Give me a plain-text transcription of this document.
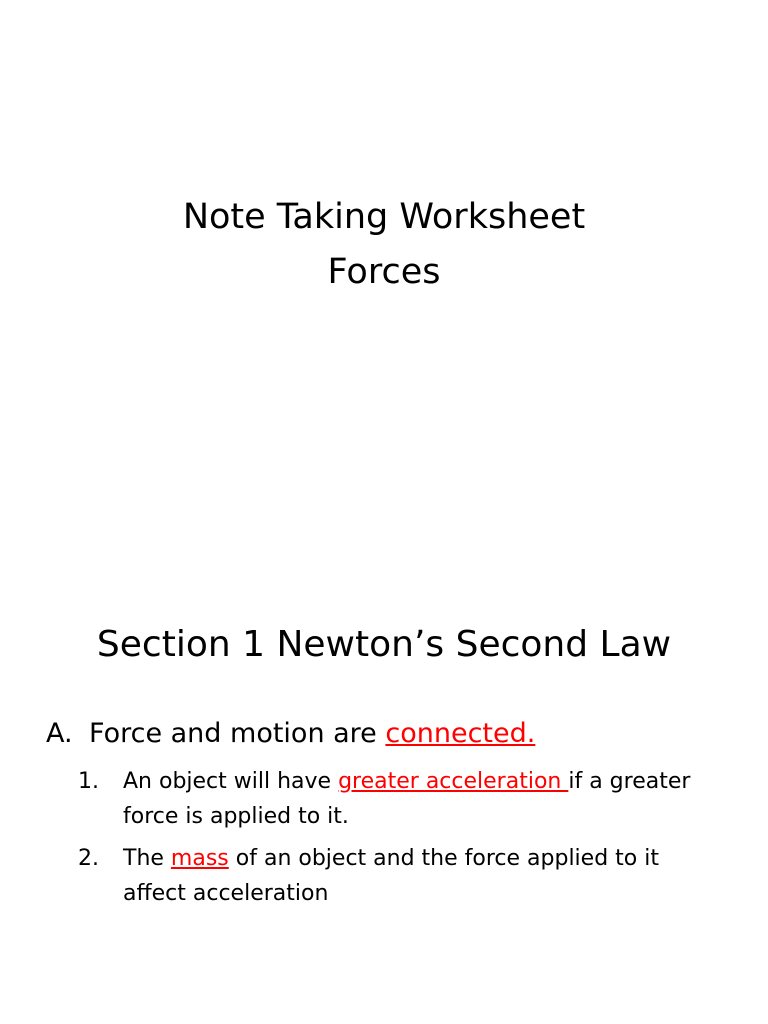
Note Taking Worksheet
Forces
Section 1 Newton’s Second Law
A. Force and motion are connected.
1. An object will have greater acceleration if a greater force is applied to it.
2. The mass of an object and the force applied to it affect acceleration
